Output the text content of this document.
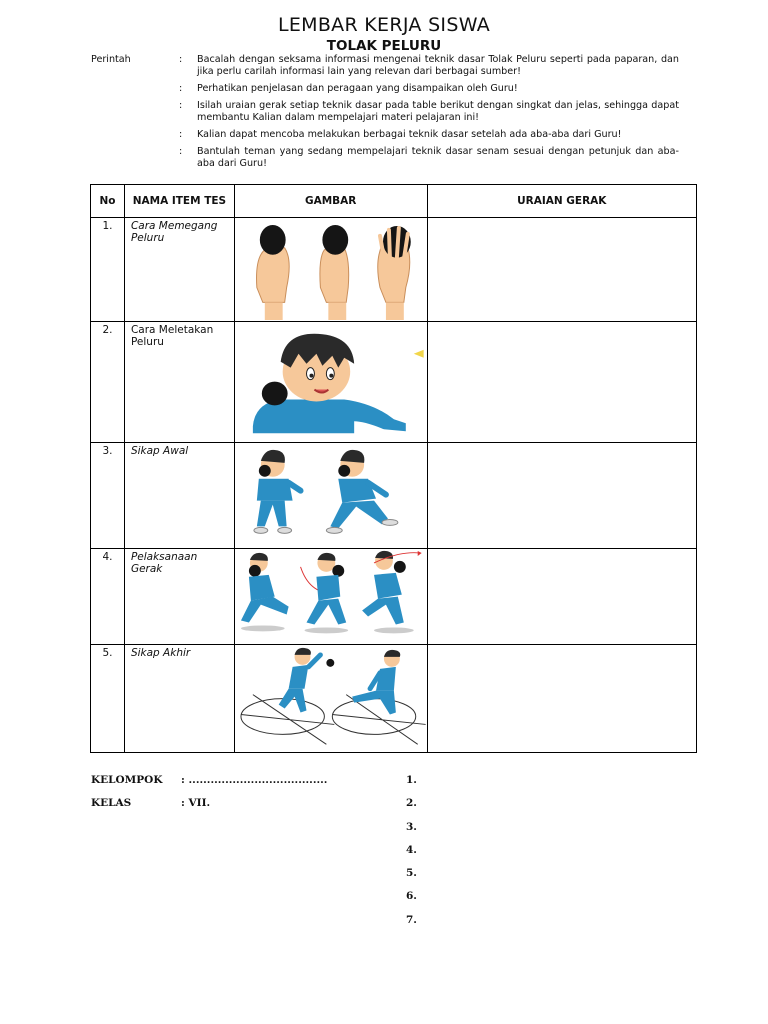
LEMBAR KERJA SISWA
TOLAK PELURU
Perintah	:	Bacalah dengan seksama informasi mengenai teknik dasar Tolak Peluru seperti pada paparan, dan jika perlu carilah informasi lain yang relevan dari berbagai sumber!
:	Perhatikan penjelasan dan peragaan yang disampaikan oleh Guru!
:	Isilah uraian gerak setiap teknik dasar pada table berikut dengan singkat dan jelas, sehingga dapat membantu Kalian dalam mempelajari materi pelajaran ini!
:	Kalian dapat mencoba melakukan berbagai teknik dasar setelah ada aba-aba dari Guru!
:	Bantulah teman yang sedang mempelajari teknik dasar senam sesuai dengan petunjuk dan aba-aba dari Guru!
No	NAMA ITEM TES	GAMBAR	URAIAN GERAK
1.	Cara Memegang Peluru	

2.	Cara Meletakan Peluru	

3.	Sikap Awal	

4.	Pelaksanaan Gerak	

5.	Sikap Akhir	

KELOMPOK	: ......................................
KELAS	: VII.
1.
2.
3.
4.
5.
6.
7.
